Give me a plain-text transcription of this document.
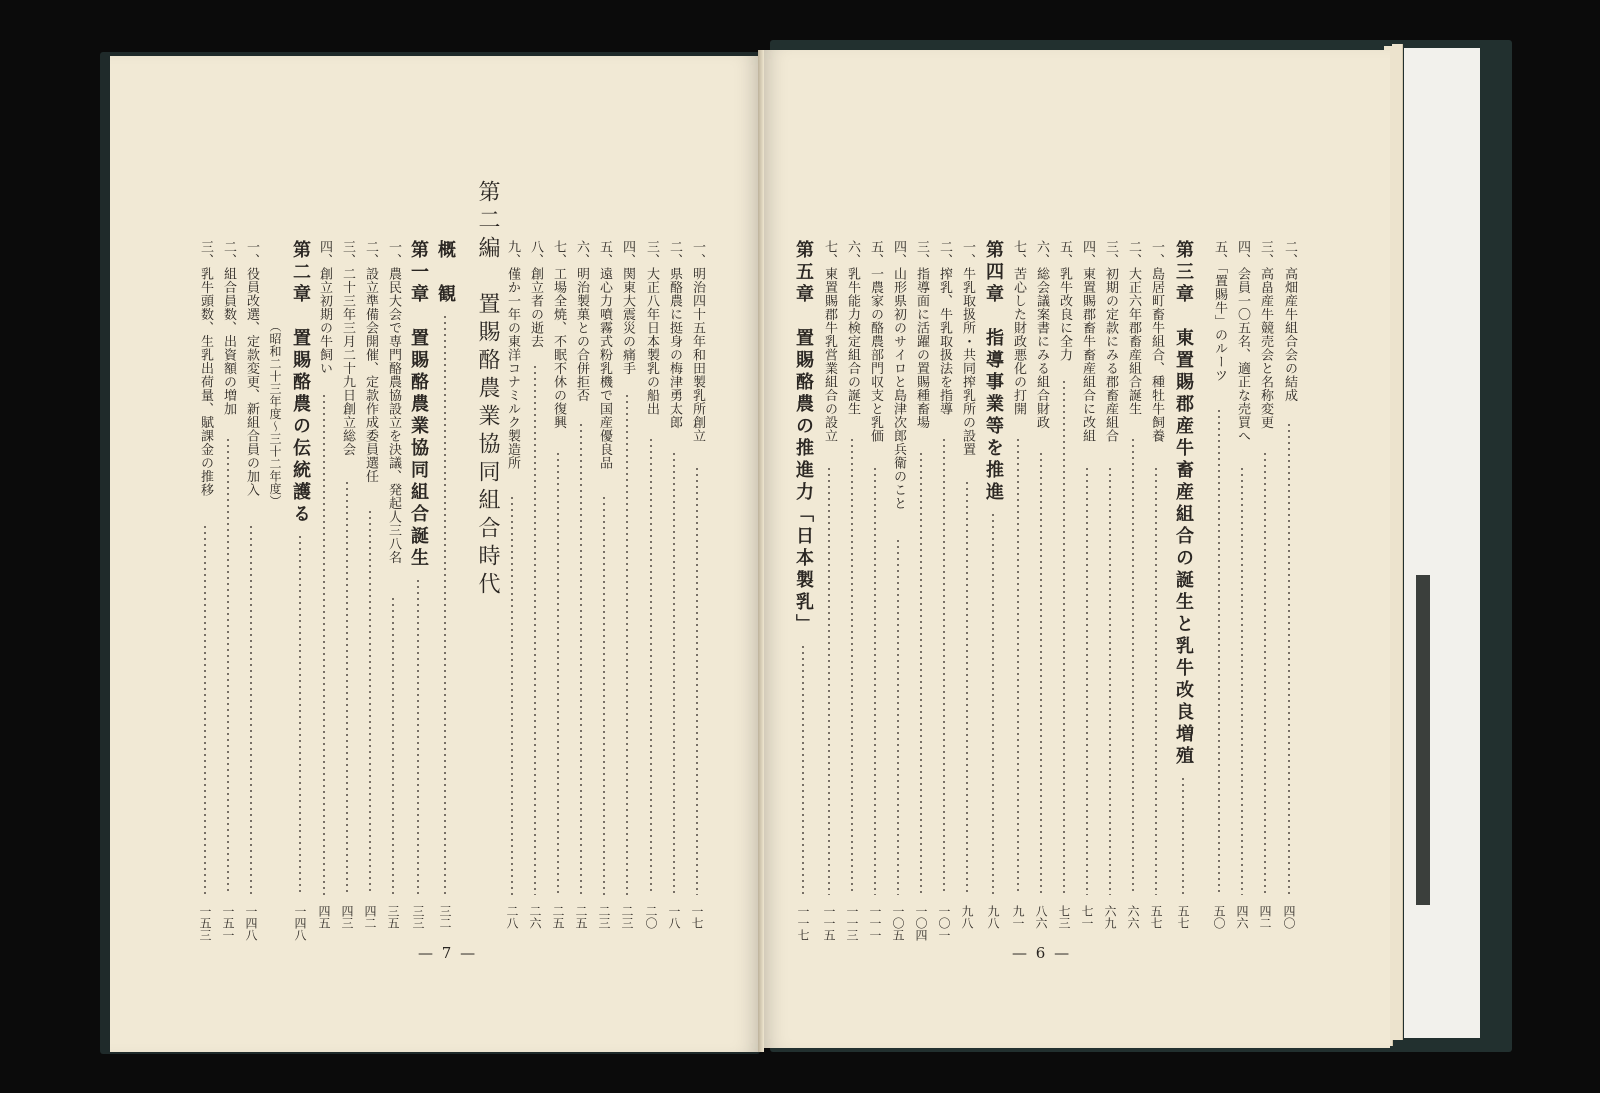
— 7 —	— 6 —
一、明治四十五年和田製乳所創立
一七
二、県酪農に挺身の梅津勇太郎
一八
三、大正八年日本製乳の船出
二〇
四、関東大震災の痛手
二三
五、遠心力噴霧式粉乳機で国産優良品
二三
六、明治製菓との合併拒否
二五
七、工場全焼、不眠不休の復興
二五
八、創立者の逝去
二六
九、僅か一年の東洋コナミルク製造所
二八
第二編　置賜酪農業協同組合時代
概　観
三二
第一章　置賜酪農業協同組合誕生
三三
一、農民大会で専門酪農協設立を決議、発起人三八名
三五
二、設立準備会開催、定款作成委員選任
四二
三、二十三年三月二十九日創立総会
四三
四、創立初期の牛飼い
四五
第二章　置賜酪農の伝統護る
一四八
（昭和二十三年度～三十二年度）
一、役員改選、定款変更、新組合員の加入
一四八
二、組合員数、出資額の増加
一五一
三、乳牛頭数、生乳出荷量、賦課金の推移
一五三
二、高畑産牛組合会の結成
四〇
三、高畠産牛競売会と名称変更
四二
四、会員一〇五名、適正な売買へ
四六
五、「置賜牛」のルーツ
五〇
第三章　東置賜郡産牛畜産組合の誕生と乳牛改良増殖
五七
一、島居町畜牛組合、種牡牛飼養
五七
二、大正六年郡畜産組合誕生
六六
三、初期の定款にみる郡畜産組合
六九
四、東置賜郡畜牛畜産組合に改組
七一
五、乳牛改良に全力
七三
六、総会議案書にみる組合財政
八六
七、苦心した財政悪化の打開
九一
第四章　指導事業等を推進
九八
一、牛乳取扱所・共同搾乳所の設置
九八
二、搾乳、牛乳取扱法を指導
一〇一
三、指導面に活躍の置賜種畜場
一〇四
四、山形県初のサイロと島津次郎兵衛のこと
一〇五
五、一農家の酪農部門収支と乳価
一一一
六、乳牛能力検定組合の誕生
一一三
七、東置賜郡牛乳営業組合の設立
一一五
第五章　置賜酪農の推進力「日本製乳」
一一七
